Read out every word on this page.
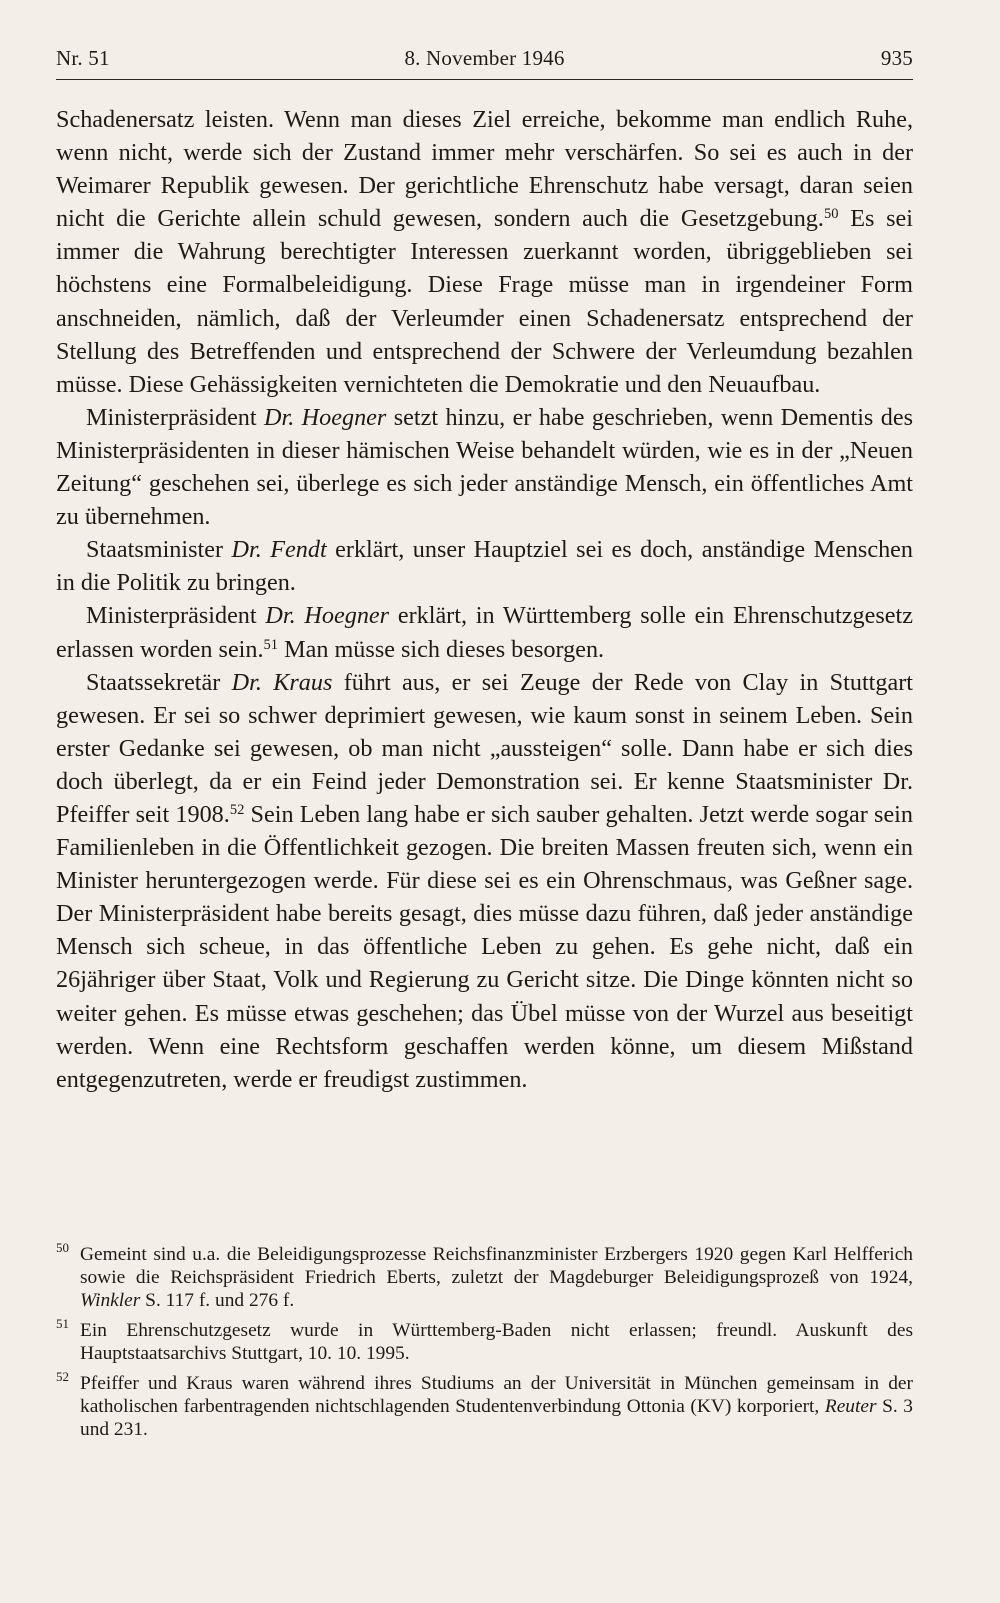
Nr. 51	8. November 1946	935

Schadenersatz leisten. Wenn man dieses Ziel erreiche, bekomme man endlich Ruhe, wenn nicht, werde sich der Zustand immer mehr verschärfen. So sei es auch in der Weimarer Republik gewesen. Der gerichtliche Ehrenschutz habe versagt, daran seien nicht die Gerichte allein schuld gewesen, sondern auch die Gesetzgebung.$^{50}$ Es sei immer die Wahrung berechtigter Interessen zuerkannt worden, übriggeblieben sei höchstens eine Formalbeleidigung. Diese Frage müsse man in irgendeiner Form anschneiden, nämlich, daß der Verleumder einen Schadenersatz entsprechend der Stellung des Betreffenden und entsprechend der Schwere der Verleumdung bezahlen müsse. Diese Gehässigkeiten vernichteten die Demokratie und den Neuaufbau.

Ministerpräsident Dr. Hoegner setzt hinzu, er habe geschrieben, wenn Dementis des Ministerpräsidenten in dieser hämischen Weise behandelt würden, wie es in der „Neuen Zeitung“ geschehen sei, überlege es sich jeder anständige Mensch, ein öffentliches Amt zu übernehmen.

Staatsminister Dr. Fendt erklärt, unser Hauptziel sei es doch, anständige Menschen in die Politik zu bringen.

Ministerpräsident Dr. Hoegner erklärt, in Württemberg solle ein Ehrenschutzgesetz erlassen worden sein.$^{51}$ Man müsse sich dieses besorgen.

Staatssekretär Dr. Kraus führt aus, er sei Zeuge der Rede von Clay in Stuttgart gewesen. Er sei so schwer deprimiert gewesen, wie kaum sonst in seinem Leben. Sein erster Gedanke sei gewesen, ob man nicht „aussteigen“ solle. Dann habe er sich dies doch überlegt, da er ein Feind jeder Demonstration sei. Er kenne Staatsminister Dr. Pfeiffer seit 1908.52 Sein Leben lang habe er sich sauber gehalten. Jetzt werde sogar sein Familienleben in die Öffentlichkeit gezogen. Die breiten Massen freuten sich, wenn ein Minister heruntergezogen werde. Für diese sei es ein Ohrenschmaus, was Geßner sage. Der Ministerpräsident habe bereits gesagt, dies müsse dazu führen, daß jeder anständige Mensch sich scheue, in das öffentliche Leben zu gehen. Es gehe nicht, daß ein 26jähriger über Staat, Volk und Regierung zu Gericht sitze. Die Dinge könnten nicht so weiter gehen. Es müsse etwas geschehen; das Übel müsse von der Wurzel aus beseitigt werden. Wenn eine Rechtsform geschaffen werden könne, um diesem Mißstand entgegenzutreten, werde er freudigst zustimmen.

50 Gemeint sind u.a. die Beleidigungsprozesse Reichsfinanzminister Erzbergers 1920 gegen Karl Helfferich sowie die Reichspräsident Friedrich Eberts, zuletzt der Magdeburger Beleidigungsprozeß von 1924, Winkler S. 117 f. und 276 f.
51 Ein Ehrenschutzgesetz wurde in Württemberg-Baden nicht erlassen; freundl. Auskunft des Hauptstaatsarchivs Stuttgart, 10. 10. 1995.
52 Pfeiffer und Kraus waren während ihres Studiums an der Universität in München gemeinsam in der katholischen farbentragenden nichtschlagenden Studentenverbindung Ottonia (KV) korporiert, Reuter S. 3 und 231.
